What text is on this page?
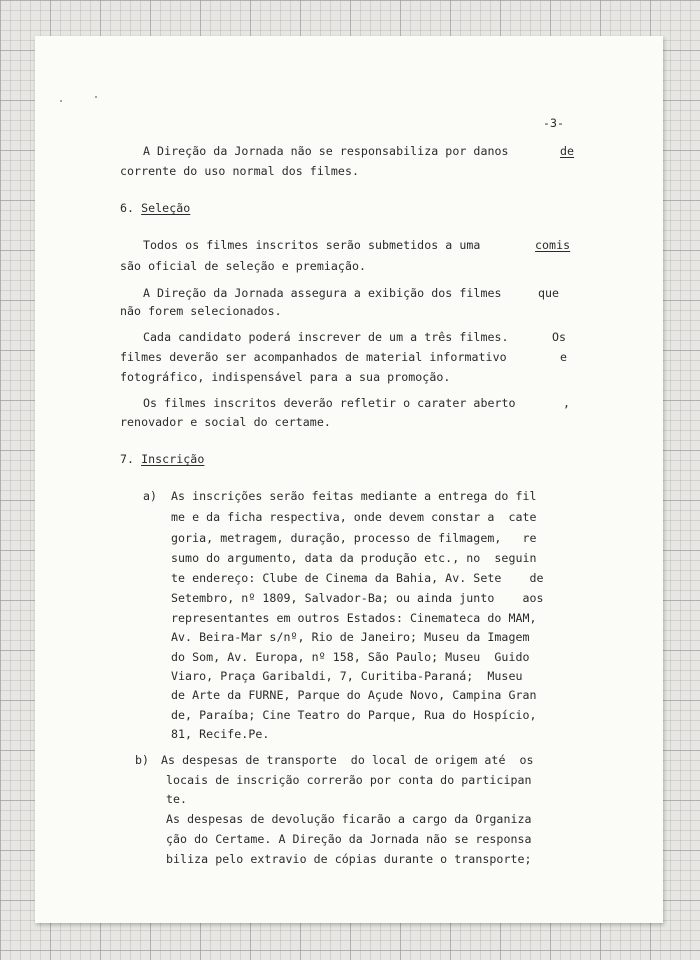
-3-
A Direção da Jornada não se responsabiliza por danos	de
corrente do uso normal dos filmes.
6. Seleção
Todos os filmes inscritos serão submetidos a uma	comis
são oficial de seleção e premiação.
A Direção da Jornada assegura a exibição dos filmes	que
não forem selecionados.
Cada candidato poderá inscrever de um a três filmes.	Os
filmes deverão ser acompanhados de material informativo	e
fotográfico, indispensável para a sua promoção.
Os filmes inscritos deverão refletir o carater aberto	,
renovador e social do certame.
7. Inscrição
a) As inscrições serão feitas mediante a entrega do fil
me e da ficha respectiva, onde devem constar a  cate
goria, metragem, duração, processo de filmagem,   re
sumo do argumento, data da produção etc., no  seguin
te endereço: Clube de Cinema da Bahia, Av. Sete    de
Setembro, nº 1809, Salvador-Ba; ou ainda junto    aos
representantes em outros Estados: Cinemateca do MAM,
Av. Beira-Mar s/nº, Rio de Janeiro; Museu da Imagem
do Som, Av. Europa, nº 158, São Paulo; Museu  Guido
Viaro, Praça Garibaldi, 7, Curitiba-Paraná;  Museu
de Arte da FURNE, Parque do Açude Novo, Campina Gran
de, Paraíba; Cine Teatro do Parque, Rua do Hospício,
81, Recife.Pe.
b) As despesas de transporte  do local de origem até  os
locais de inscrição correrão por conta do participan
te.
As despesas de devolução ficarão a cargo da Organiza
ção do Certame. A Direção da Jornada não se responsa
biliza pelo extravio de cópias durante o transporte;
